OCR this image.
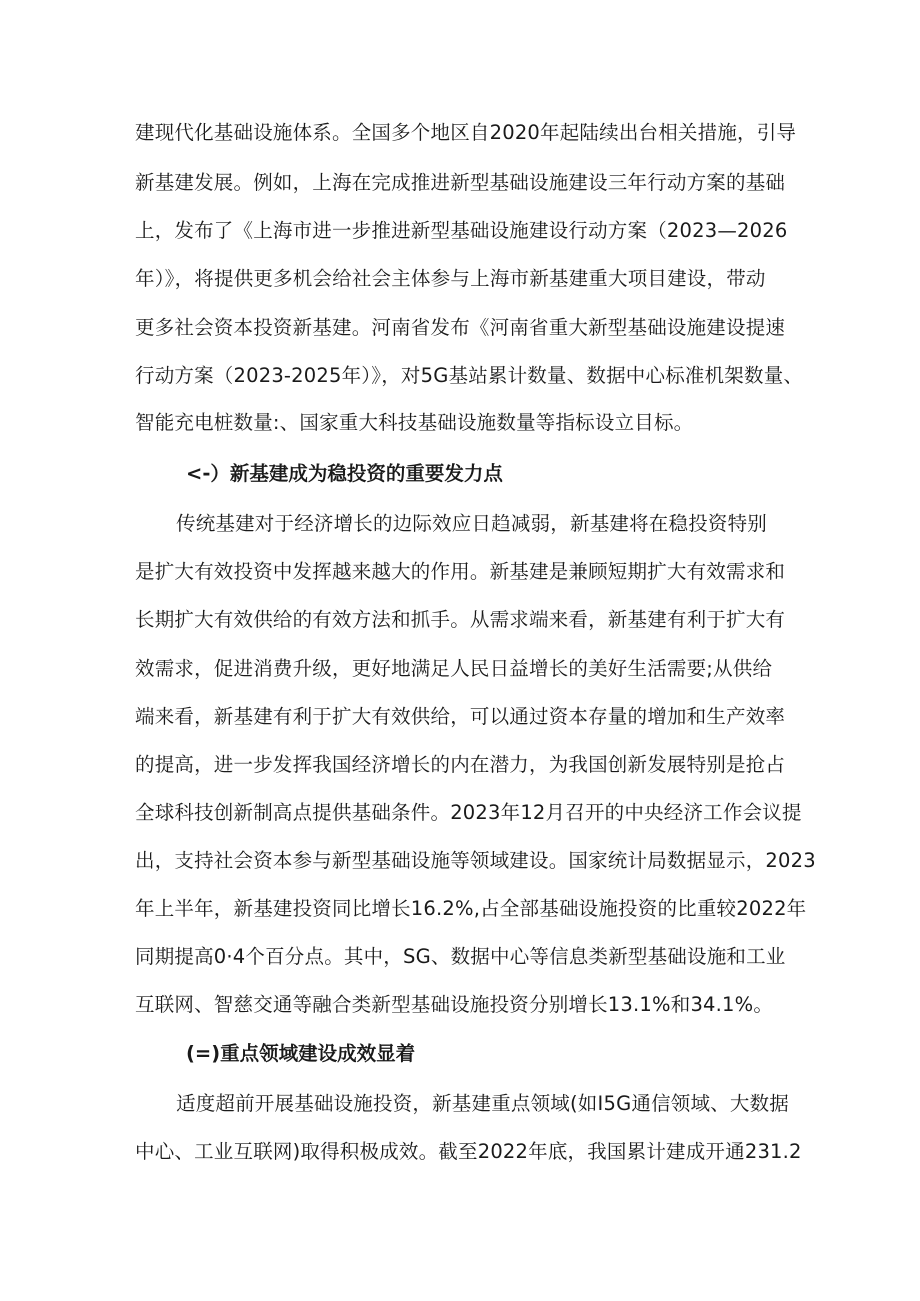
建现代化基础设施体系。全国多个地区自2020年起陆续出台相关措施，引导
新基建发展。例如，上海在完成推进新型基础设施建设三年行动方案的基础
上，发布了《上海市进一步推进新型基础设施建设行动方案（2023—2026
年）》，将提供更多机会给社会主体参与上海市新基建重大项目建设，带动
更多社会资本投资新基建。河南省发布《河南省重大新型基础设施建设提速
行动方案（2023-2025年）》，对5G基站累计数量、数据中心标准机架数量、
智能充电桩数量:、国家重大科技基础设施数量等指标设立目标。
<-）新基建成为稳投资的重要发力点
传统基建对于经济增长的边际效应日趋减弱，新基建将在稳投资特别
是扩大有效投资中发挥越来越大的作用。新基建是兼顾短期扩大有效需求和
长期扩大有效供给的有效方法和抓手。从需求端来看，新基建有利于扩大有
效需求，促进消费升级，更好地满足人民日益增长的美好生活需要;从供给
端来看，新基建有利于扩大有效供给，可以通过资本存量的增加和生产效率
的提高，进一步发挥我国经济增长的内在潜力，为我国创新发展特别是抢占
全球科技创新制高点提供基础条件。2023年12月召开的中央经济工作会议提
出，支持社会资本参与新型基础设施等领域建设。国家统计局数据显示，2023
年上半年，新基建投资同比增长16.2%,占全部基础设施投资的比重较2022年
同期提高0·4个百分点。其中，SG、数据中心等信息类新型基础设施和工业
互联网、智慈交通等融合类新型基础设施投资分别增长13.1%和34.1%。
(=)重点领域建设成效显着
适度超前开展基础设施投资，新基建重点领域(如I5G通信领域、大数据
中心、工业互联网)取得积极成效。截至2022年底，我国累计建成开通231.2
